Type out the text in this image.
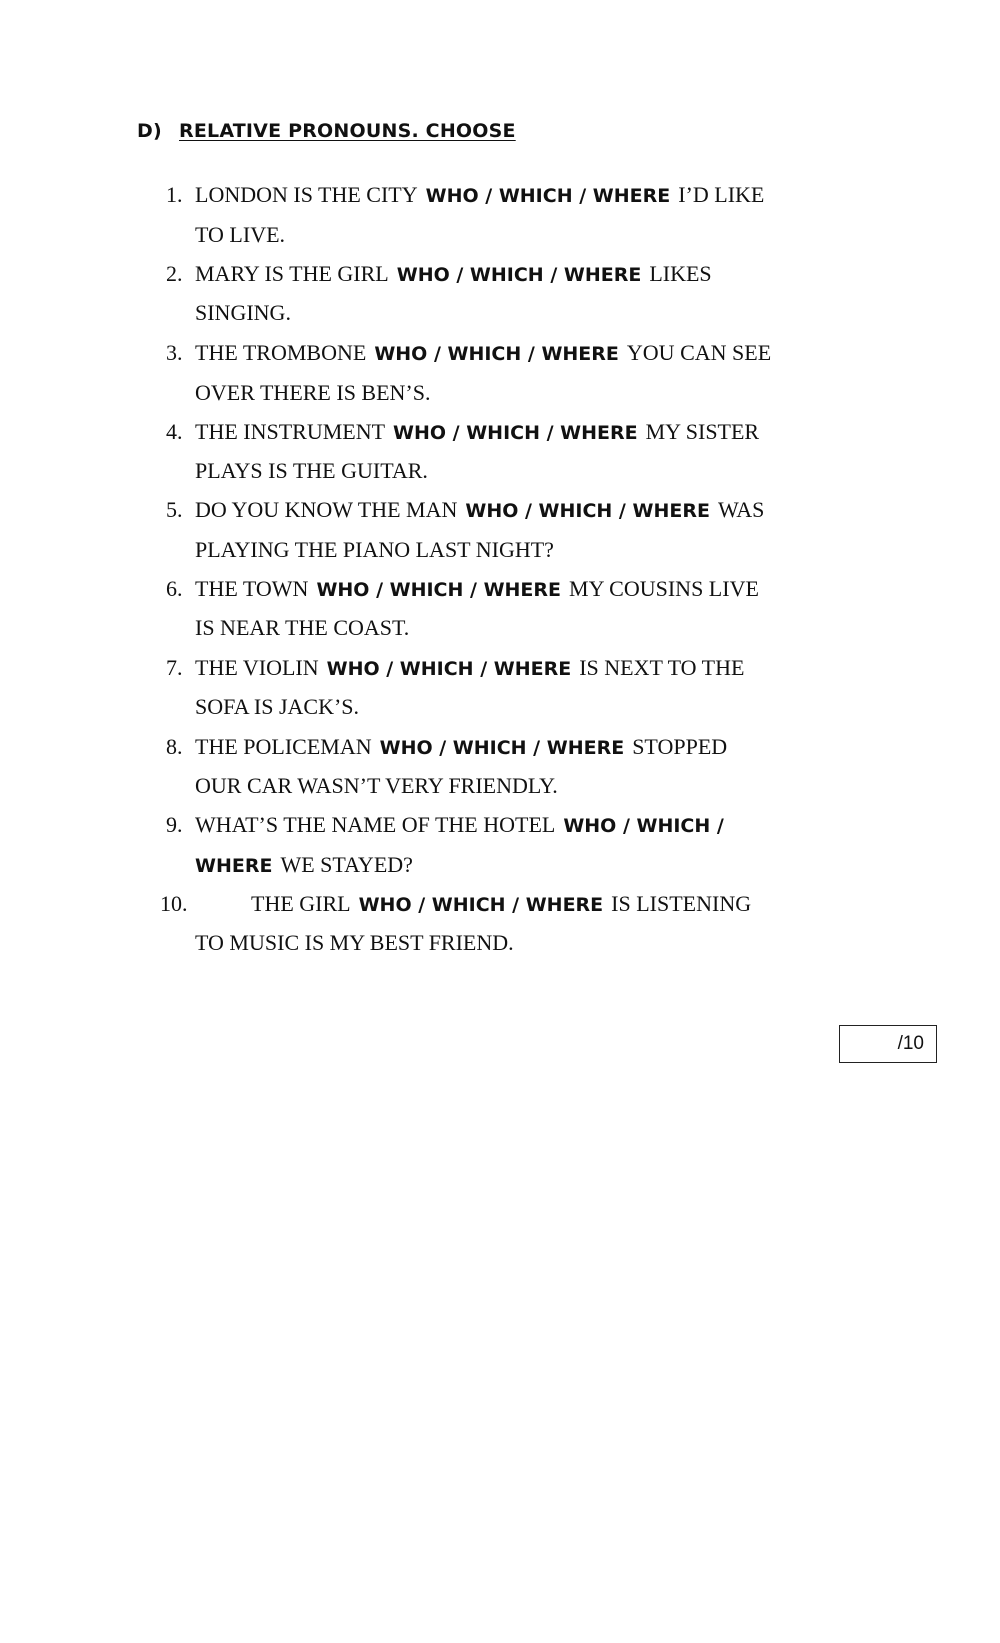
D) RELATIVE PRONOUNS. CHOOSE
1. LONDON IS THE CITY WHO / WHICH / WHERE I’D LIKE
TO LIVE.
2. MARY IS THE GIRL WHO / WHICH / WHERE LIKES
SINGING.
3. THE TROMBONE WHO / WHICH / WHERE YOU CAN SEE
OVER THERE IS BEN’S.
4. THE INSTRUMENT WHO / WHICH / WHERE MY SISTER
PLAYS IS THE GUITAR.
5. DO YOU KNOW THE MAN WHO / WHICH / WHERE WAS
PLAYING THE PIANO LAST NIGHT?
6. THE TOWN WHO / WHICH / WHERE MY COUSINS LIVE
IS NEAR THE COAST.
7. THE VIOLIN WHO / WHICH / WHERE IS NEXT TO THE
SOFA IS JACK’S.
8. THE POLICEMAN WHO / WHICH / WHERE STOPPED
OUR CAR WASN’T VERY FRIENDLY.
9. WHAT’S THE NAME OF THE HOTEL WHO / WHICH /
WHERE WE STAYED?
10.	THE GIRL WHO / WHICH / WHERE IS LISTENING
TO MUSIC IS MY BEST FRIEND.
/10
